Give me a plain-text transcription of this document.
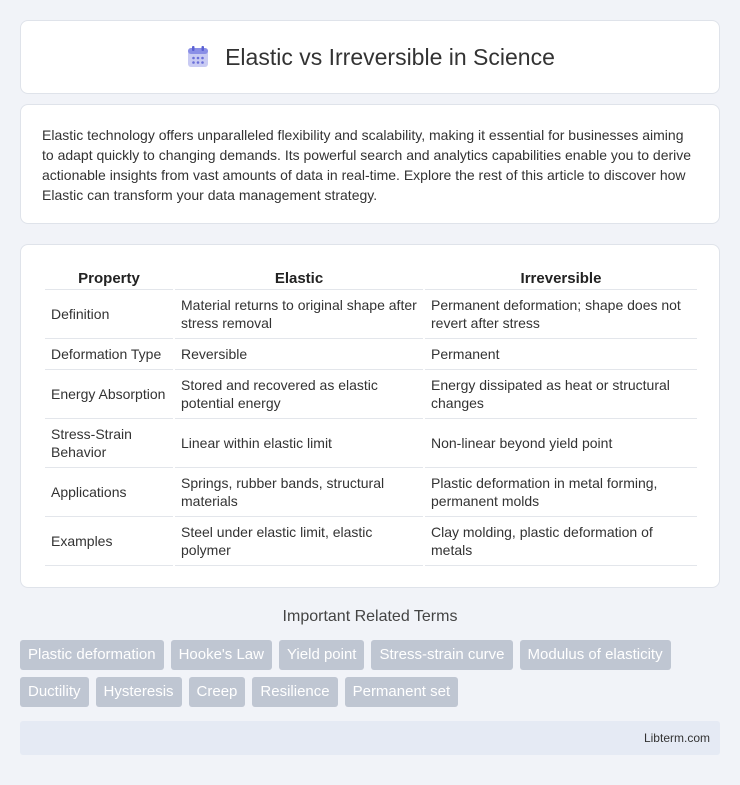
Elastic vs Irreversible in Science

Elastic technology offers unparalleled flexibility and scalability, making it essential for businesses aiming to adapt quickly to changing demands. Its powerful search and analytics capabilities enable you to derive actionable insights from vast amounts of data in real-time. Explore the rest of this article to discover how Elastic can transform your data management strategy.

Property	Elastic	Irreversible
Definition	Material returns to original shape after stress removal	Permanent deformation; shape does not revert after stress
Deformation Type	Reversible	Permanent
Energy Absorption	Stored and recovered as elastic potential energy	Energy dissipated as heat or structural changes
Stress-Strain Behavior	Linear within elastic limit	Non-linear beyond yield point
Applications	Springs, rubber bands, structural materials	Plastic deformation in metal forming, permanent molds
Examples	Steel under elastic limit, elastic polymer	Clay molding, plastic deformation of metals
Important Related Terms
Plastic deformation	Hooke's Law	Yield point	Stress-strain curve	Modulus of elasticity
Ductility	Hysteresis	Creep	Resilience	Permanent set
Libterm.com
